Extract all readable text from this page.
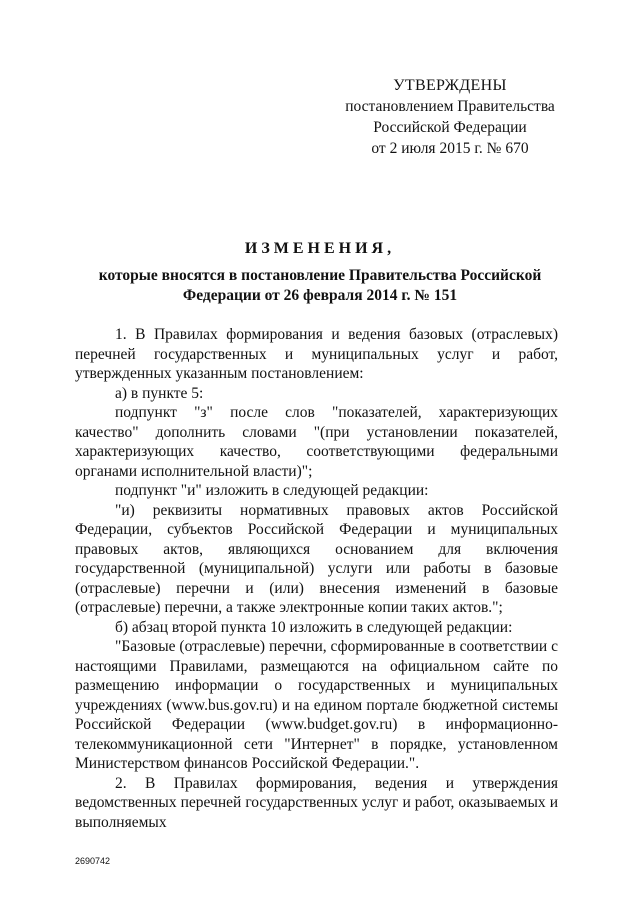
УТВЕРЖДЕНЫ
постановлением Правительства
Российской Федерации
от 2 июля 2015 г. № 670
ИЗМЕНЕНИЯ,
которые вносятся в постановление Правительства Российской Федерации от 26 февраля 2014 г. № 151

1. В Правилах формирования и ведения базовых (отраслевых) перечней государственных и муниципальных услуг и работ, утвержденных указанным постановлением:

а) в пункте 5:

подпункт "з" после слов "показателей, характеризующих качество" дополнить словами "(при установлении показателей, характеризующих качество, соответствующими федеральными органами исполнительной власти)";

подпункт "и" изложить в следующей редакции:

"и) реквизиты нормативных правовых актов Российской Федерации, субъектов Российской Федерации и муниципальных правовых актов, являющихся основанием для включения государственной (муниципальной) услуги или работы в базовые (отраслевые) перечни и (или) внесения изменений в базовые (отраслевые) перечни, а также электронные копии таких актов.";

б) абзац второй пункта 10 изложить в следующей редакции:

"Базовые (отраслевые) перечни, сформированные в соответствии с настоящими Правилами, размещаются на официальном сайте по размещению информации о государственных и муниципальных учреждениях (www.bus.gov.ru) и на едином портале бюджетной системы Российской Федерации (www.budget.gov.ru) в информационно-телекоммуникационной сети "Интернет" в порядке, установленном Министерством финансов Российской Федерации.".

2. В Правилах формирования, ведения и утверждения ведомственных перечней государственных услуг и работ, оказываемых и выполняемых

2690742
